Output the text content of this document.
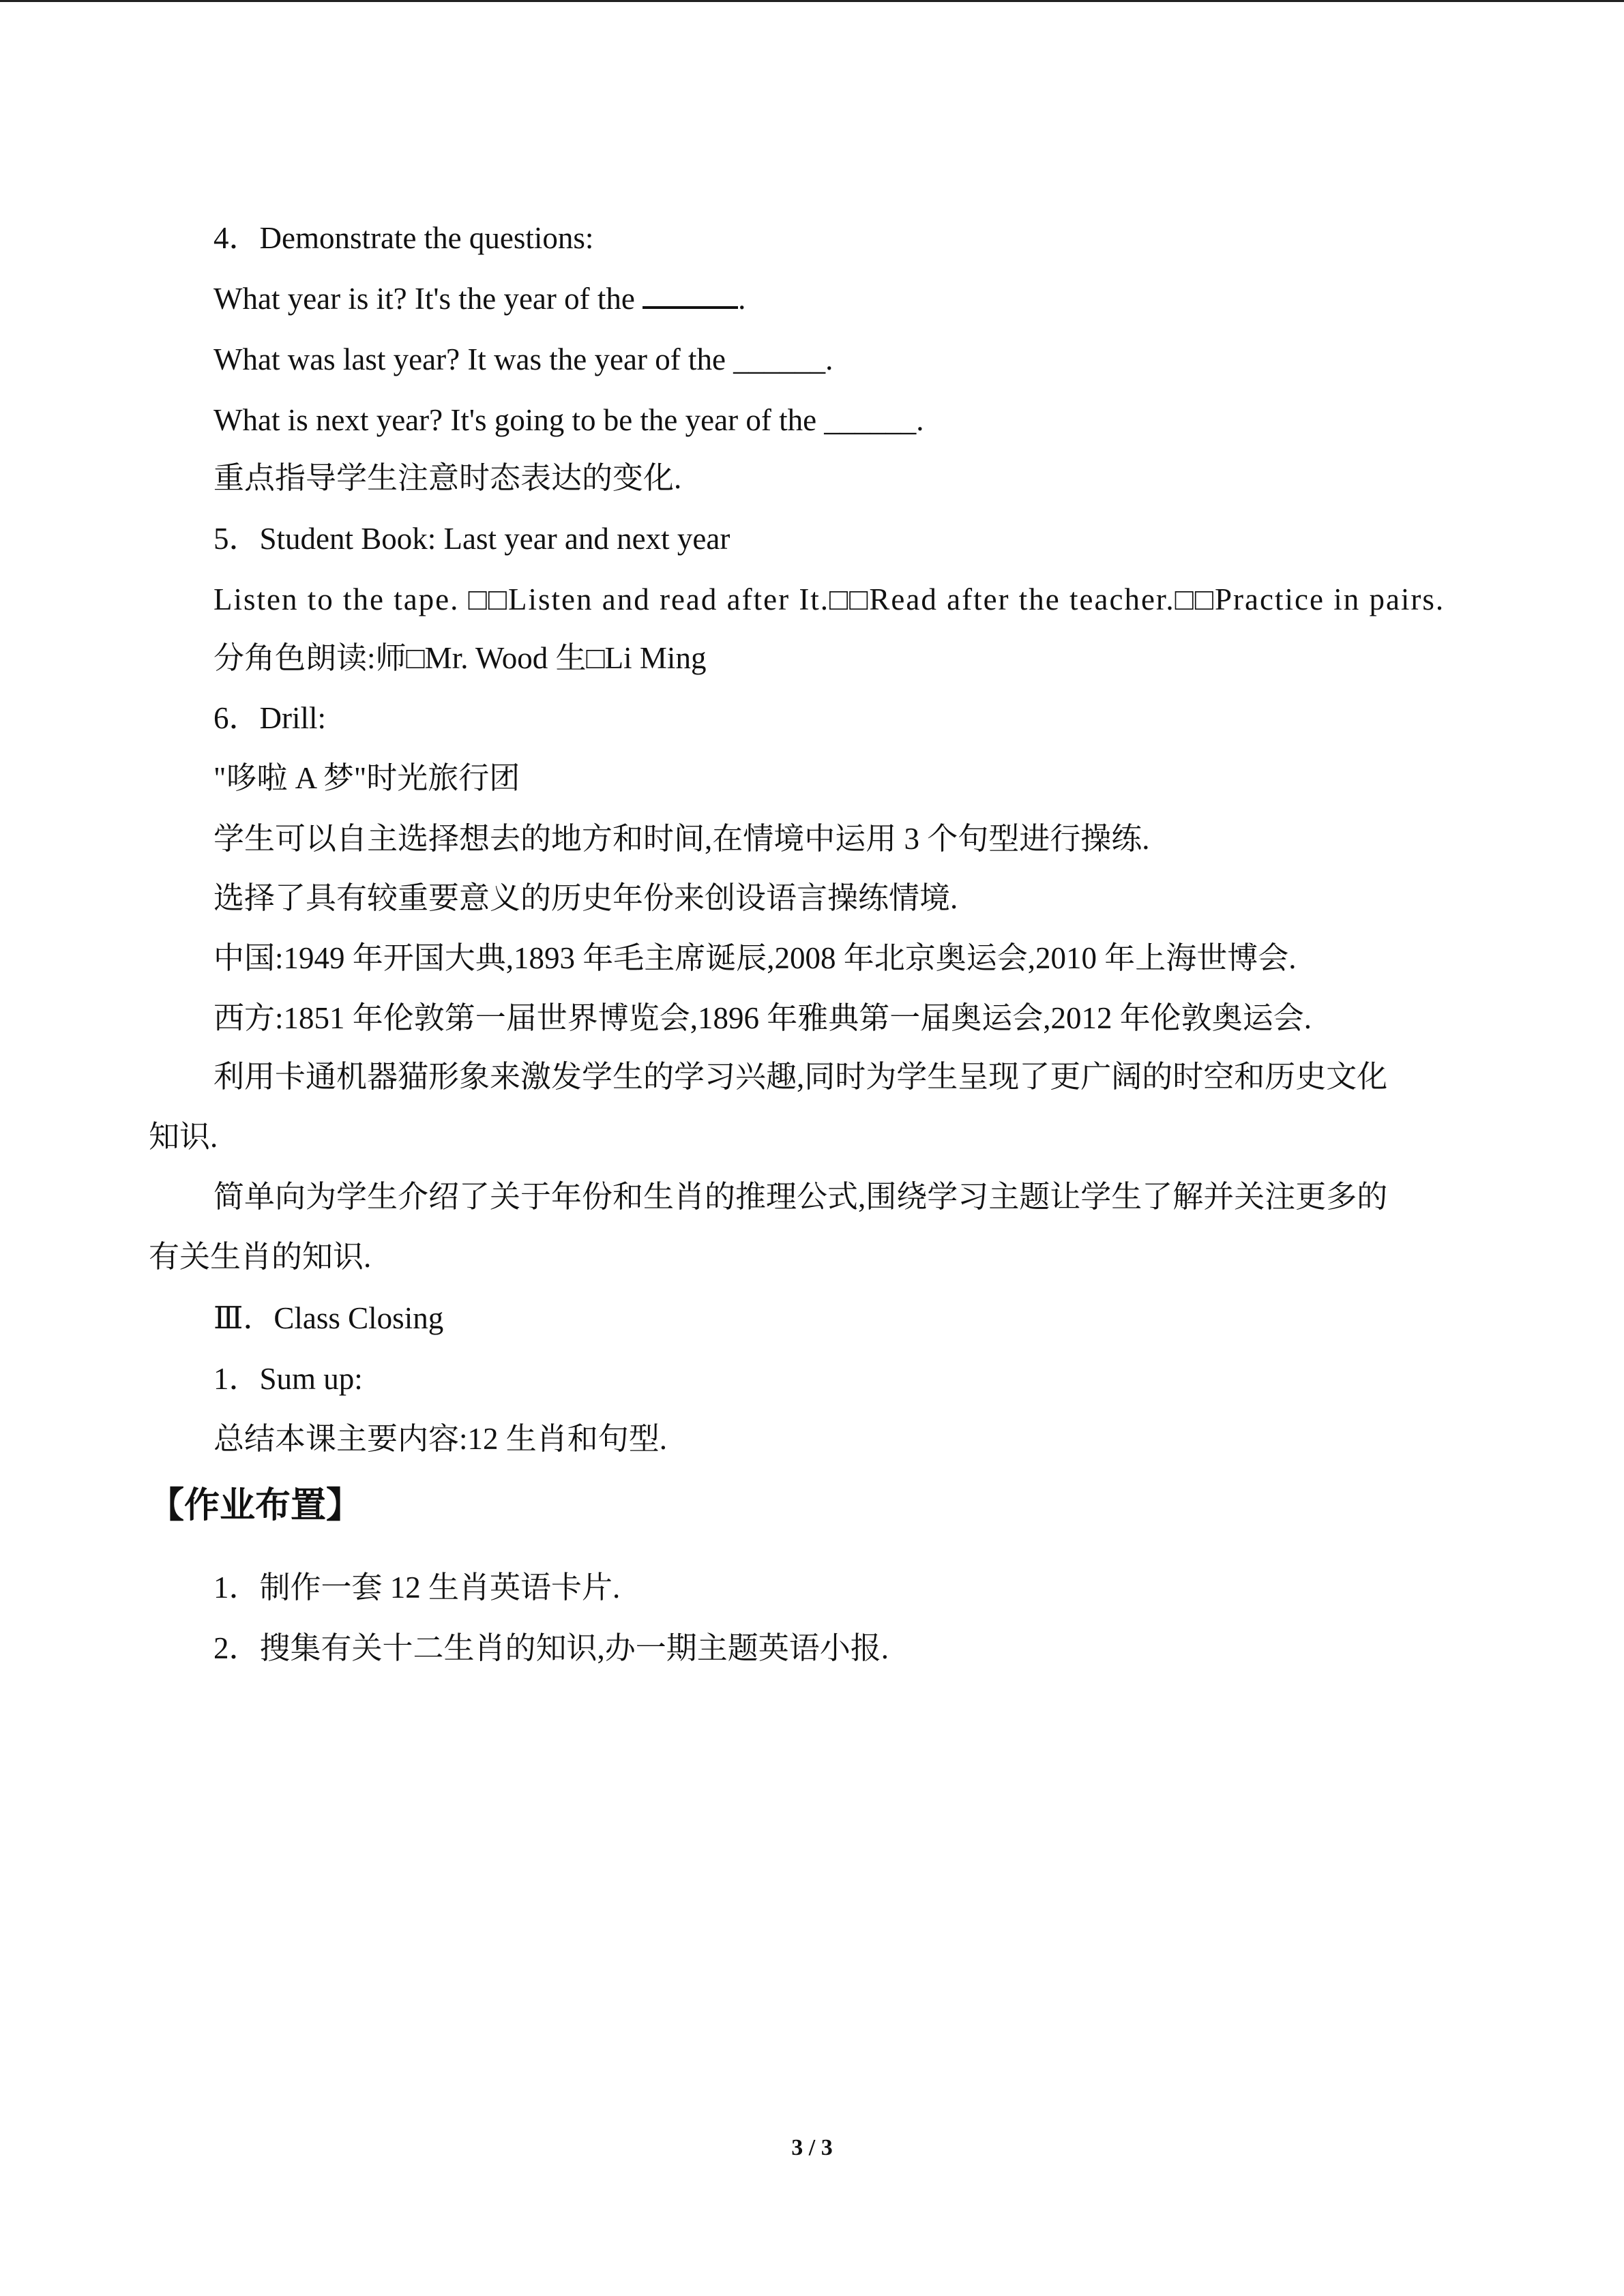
4．Demonstrate the questions:

What year is it? It's the year of the	.

What was last year? It was the year of the ______.

What is next year? It's going to be the year of the ______.

重点指导学生注意时态表达的变化.

5．Student Book: Last year and next year

Listen to the tape. □□Listen and read after It.□□Read after the teacher.□□Practice in pairs.

分角色朗读:师□Mr. Wood 生□Li Ming

6．Drill:

"哆啦 A 梦"时光旅行团

学生可以自主选择想去的地方和时间,在情境中运用 3 个句型进行操练.

选择了具有较重要意义的历史年份来创设语言操练情境.

中国:1949 年开国大典,1893 年毛主席诞辰,2008 年北京奥运会,2010 年上海世博会.

西方:1851 年伦敦第一届世界博览会,1896 年雅典第一届奥运会,2012 年伦敦奥运会.

利用卡通机器猫形象来激发学生的学习兴趣,同时为学生呈现了更广阔的时空和历史文化知识.

简单向为学生介绍了关于年份和生肖的推理公式,围绕学习主题让学生了解并关注更多的有关生肖的知识.

Ⅲ．Class Closing

1．Sum up:

总结本课主要内容:12 生肖和句型.

【作业布置】

1．制作一套 12 生肖英语卡片.

2．搜集有关十二生肖的知识,办一期主题英语小报.

3 / 3
